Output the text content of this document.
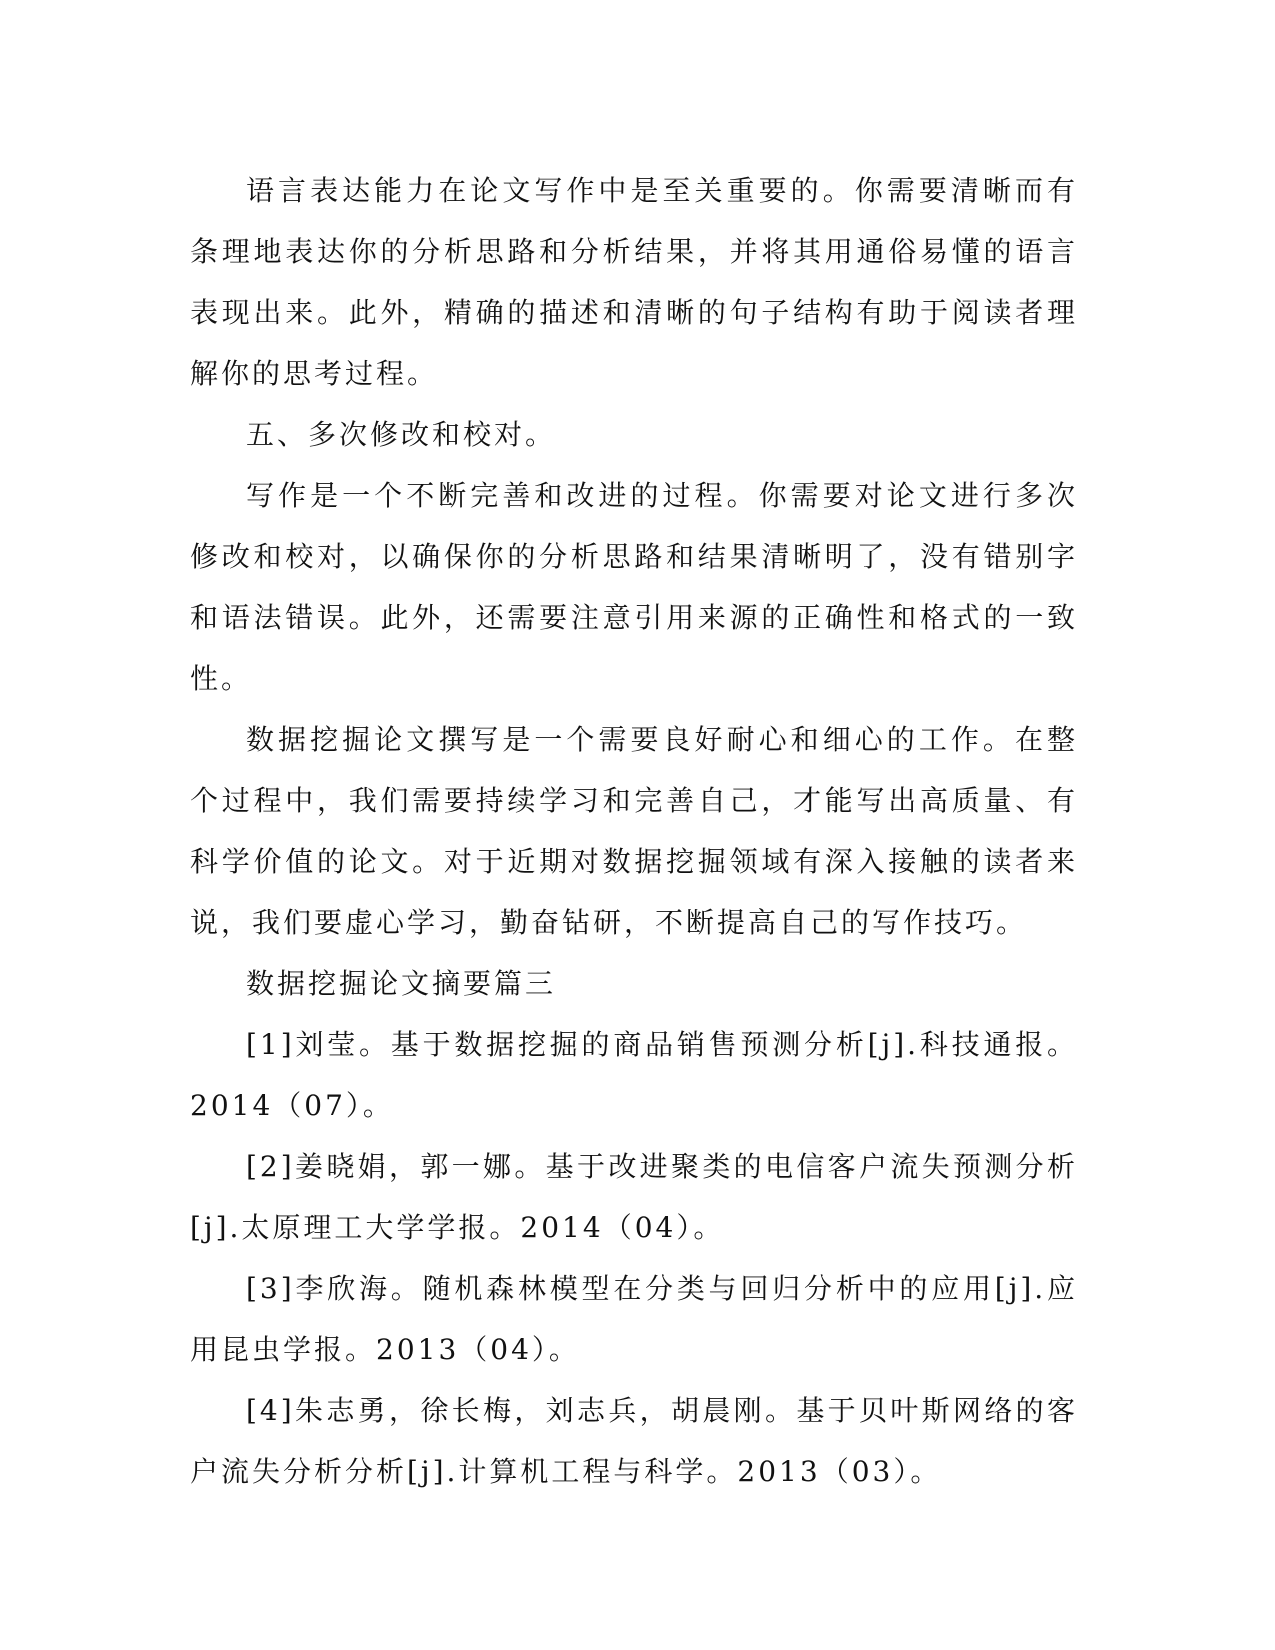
语言表达能力在论文写作中是至关重要的。你需要清晰而有条理地表达你的分析思路和分析结果，并将其用通俗易懂的语言表现出来。此外，精确的描述和清晰的句子结构有助于阅读者理解你的思考过程。

五、多次修改和校对。

写作是一个不断完善和改进的过程。你需要对论文进行多次修改和校对，以确保你的分析思路和结果清晰明了，没有错别字和语法错误。此外，还需要注意引用来源的正确性和格式的一致性。

数据挖掘论文撰写是一个需要良好耐心和细心的工作。在整个过程中，我们需要持续学习和完善自己，才能写出高质量、有科学价值的论文。对于近期对数据挖掘领域有深入接触的读者来说，我们要虚心学习，勤奋钻研，不断提高自己的写作技巧。

数据挖掘论文摘要篇三

[1]刘莹。基于数据挖掘的商品销售预测分析[j].科技通报。2014（07）。

[2]姜晓娟，郭一娜。基于改进聚类的电信客户流失预测分析[j].太原理工大学学报。2014（04）。

[3]李欣海。随机森林模型在分类与回归分析中的应用[j].应用昆虫学报。2013（04）。

[4]朱志勇，徐长梅，刘志兵，胡晨刚。基于贝叶斯网络的客户流失分析分析[j].计算机工程与科学。2013（03）。
